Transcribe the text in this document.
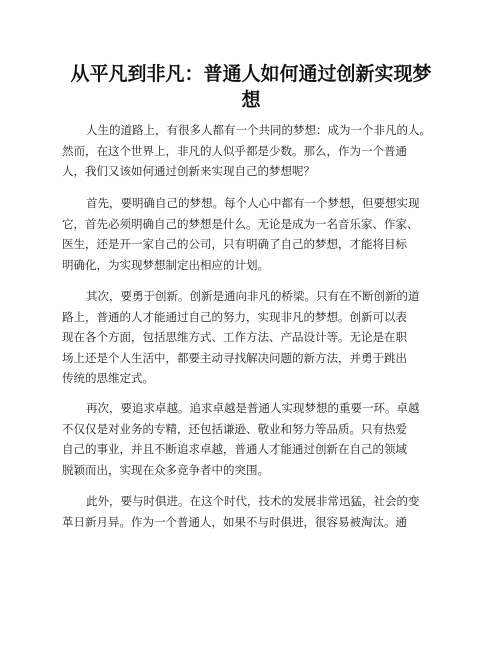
从平凡到非凡：普通人如何通过创新实现梦
想
人生的道路上，有很多人都有一个共同的梦想：成为一个非凡的人。
然而，在这个世界上，非凡的人似乎都是少数。那么，作为一个普通
人，我们又该如何通过创新来实现自己的梦想呢？
首先，要明确自己的梦想。每个人心中都有一个梦想，但要想实现
它，首先必须明确自己的梦想是什么。无论是成为一名音乐家、作家、
医生，还是开一家自己的公司，只有明确了自己的梦想，才能将目标
明确化，为实现梦想制定出相应的计划。
其次，要勇于创新。创新是通向非凡的桥梁。只有在不断创新的道
路上，普通的人才能通过自己的努力，实现非凡的梦想。创新可以表
现在各个方面，包括思维方式、工作方法、产品设计等。无论是在职
场上还是个人生活中，都要主动寻找解决问题的新方法，并勇于跳出
传统的思维定式。
再次，要追求卓越。追求卓越是普通人实现梦想的重要一环。卓越
不仅仅是对业务的专精，还包括谦逊、敬业和努力等品质。只有热爱
自己的事业，并且不断追求卓越，普通人才能通过创新在自己的领域
脱颖而出，实现在众多竞争者中的突围。
此外，要与时俱进。在这个时代，技术的发展非常迅猛，社会的变
革日新月异。作为一个普通人，如果不与时俱进，很容易被淘汰。通
